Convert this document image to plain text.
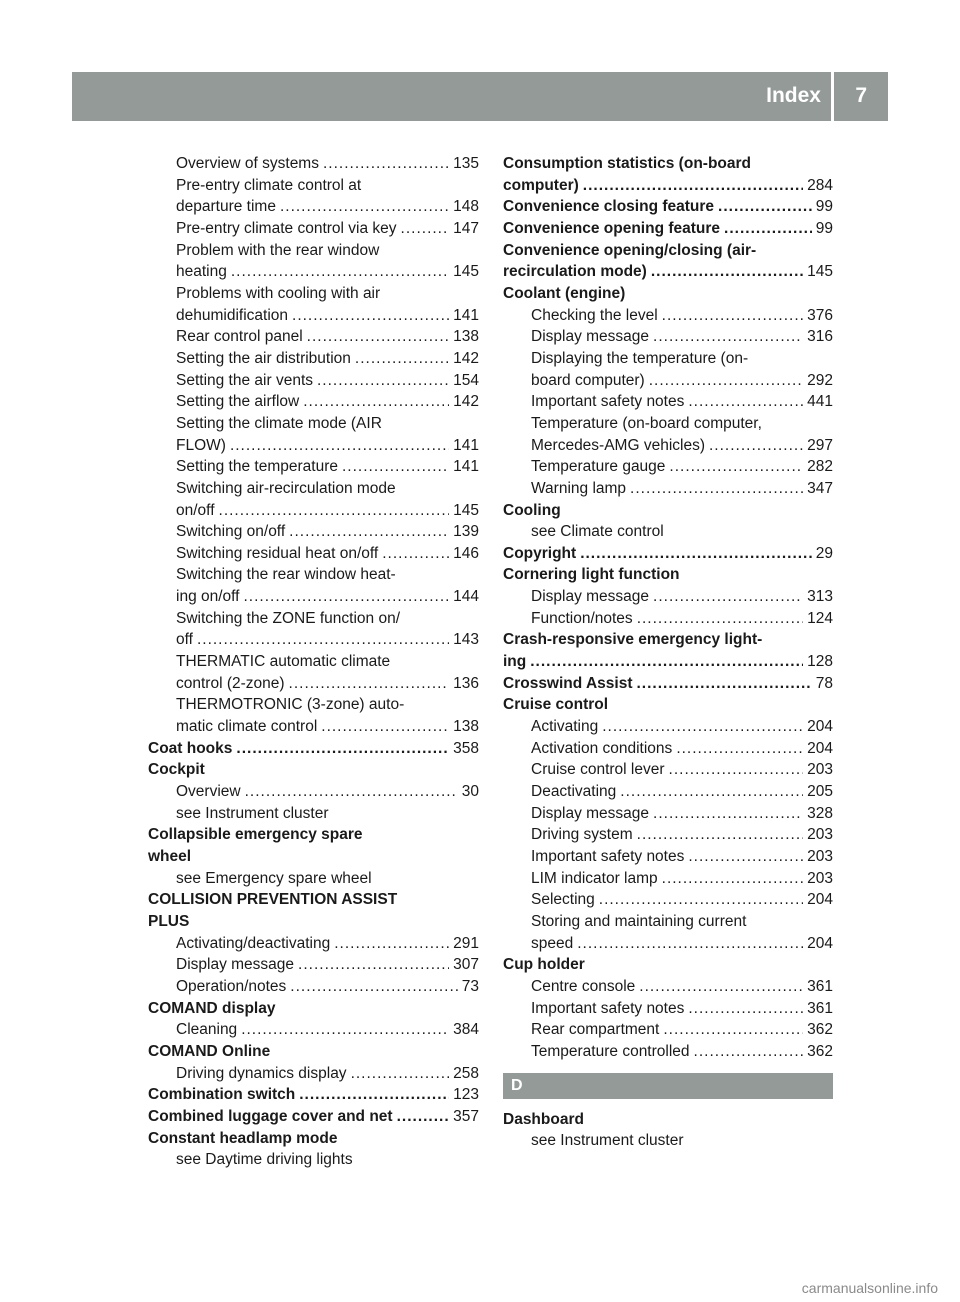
Index 7
Overview of systems .....	135
Pre-entry climate control at
departure time .....	148
Pre-entry climate control via key .....	147
Problem with the rear window
heating .....	145
Problems with cooling with air
dehumidification .....	141
Rear control panel .....	138
Setting the air distribution .....	142
Setting the air vents .....	154
Setting the airflow .....	142
Setting the climate mode (AIR
FLOW) .....	141
Setting the temperature .....	141
Switching air-recirculation mode
on/off .....	145
Switching on/off .....	139
Switching residual heat on/off .....	146
Switching the rear window heat-
ing on/off .....	144
Switching the ZONE function on/
off .....	143
THERMATIC automatic climate
control (2-zone) .....	136
THERMOTRONIC (3-zone) auto-
matic climate control .....	138
Coat hooks .....	358
Cockpit
Overview .....	30
see Instrument cluster
Collapsible emergency spare
wheel
see Emergency spare wheel
COLLISION PREVENTION ASSIST
PLUS
Activating/deactivating .....	291
Display message .....	307
Operation/notes .....	73
COMAND display
Cleaning .....	384
COMAND Online
Driving dynamics display .....	258
Combination switch .....	123
Combined luggage cover and net .....	357
Constant headlamp mode
see Daytime driving lights
Consumption statistics (on-board
computer) .....	284
Convenience closing feature .....	99
Convenience opening feature .....	99
Convenience opening/closing (air-
recirculation mode) .....	145
Coolant (engine)
Checking the level .....	376
Display message .....	316
Displaying the temperature (on-
board computer) .....	292
Important safety notes .....	441
Temperature (on-board computer,
Mercedes-AMG vehicles) .....	297
Temperature gauge .....	282
Warning lamp .....	347
Cooling
see Climate control
Copyright .....	29
Cornering light function
Display message .....	313
Function/notes .....	124
Crash-responsive emergency light-
ing .....	128
Crosswind Assist .....	78
Cruise control
Activating .....	204
Activation conditions .....	204
Cruise control lever .....	203
Deactivating .....	205
Display message .....	328
Driving system .....	203
Important safety notes .....	203
LIM indicator lamp .....	203
Selecting .....	204
Storing and maintaining current
speed .....	204
Cup holder
Centre console .....	361
Important safety notes .....	361
Rear compartment .....	362
Temperature controlled .....	362
D
Dashboard
see Instrument cluster
carmanualsonline.info
